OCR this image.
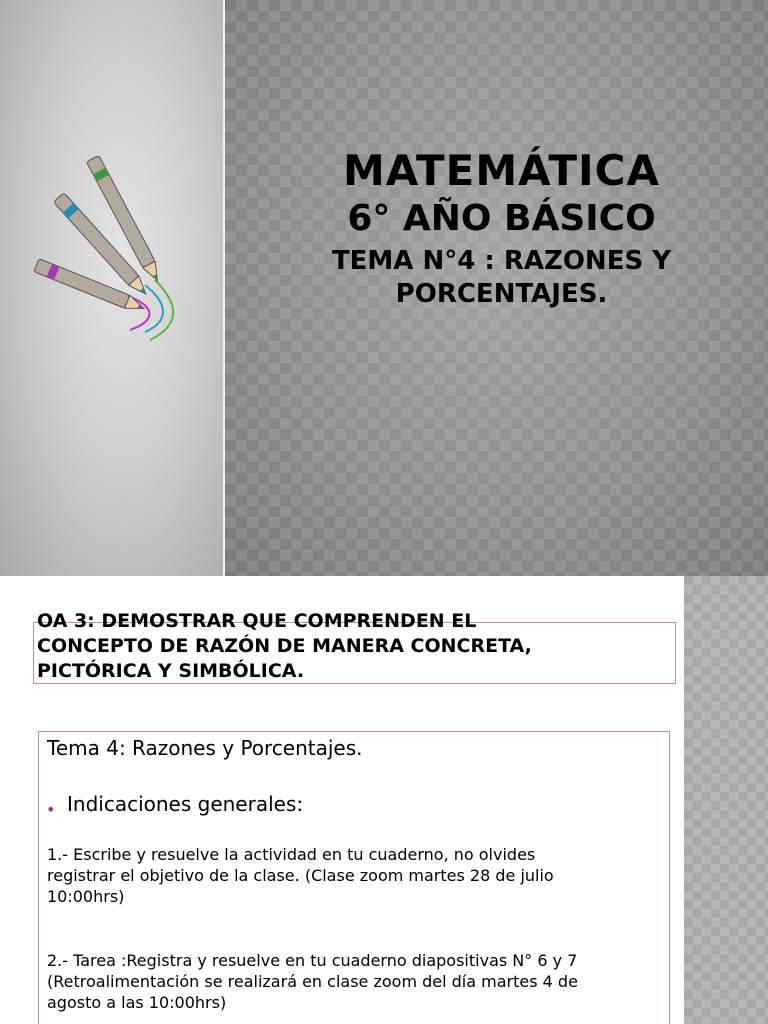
MATEMÁTICA
6° AÑO BÁSICO
TEMA N°4 : RAZONES Y
PORCENTAJES.

OA 3: DEMOSTRAR QUE COMPRENDEN EL
CONCEPTO DE RAZÓN DE MANERA CONCRETA,
PICTÓRICA Y SIMBÓLICA.

Tema 4: Razones y Porcentajes.

• Indicaciones generales:

1.- Escribe y resuelve la actividad en tu cuaderno, no olvides
registrar el objetivo de la clase. (Clase zoom martes 28 de julio
10:00hrs)

2.- Tarea :Registra y resuelve en tu cuaderno diapositivas N° 6 y 7
(Retroalimentación se realizará en clase zoom del día martes 4 de
agosto a las 10:00hrs)
